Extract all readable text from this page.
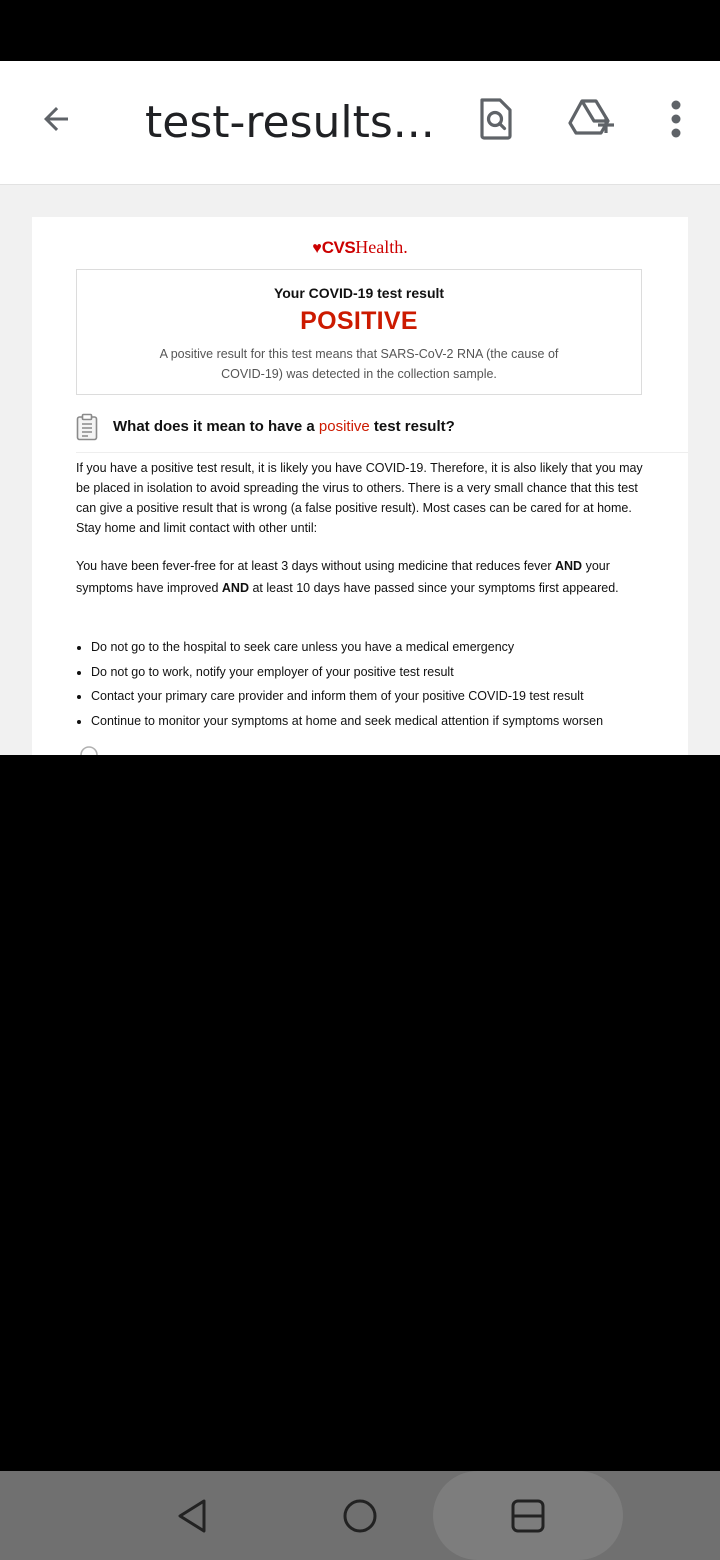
test-results...
♥CVSHealth.
Your COVID-19 test result
POSITIVE
A positive result for this test means that SARS-CoV-2 RNA (the cause of COVID-19) was detected in the collection sample.
What does it mean to have a positive test result?

If you have a positive test result, it is likely you have COVID-19. Therefore, it is also likely that you may be placed in isolation to avoid spreading the virus to others. There is a very small chance that this test can give a positive result that is wrong (a false positive result). Most cases can be cared for at home. Stay home and limit contact with other until:

You have been fever-free for at least 3 days without using medicine that reduces fever AND your symptoms have improved AND at least 10 days have passed since your symptoms first appeared.

• Do not go to the hospital to seek care unless you have a medical emergency
• Do not go to work, notify your employer of your positive test result
• Contact your primary care provider and inform them of your positive COVID-19 test result
• Continue to monitor your symptoms at home and seek medical attention if symptoms worsen
